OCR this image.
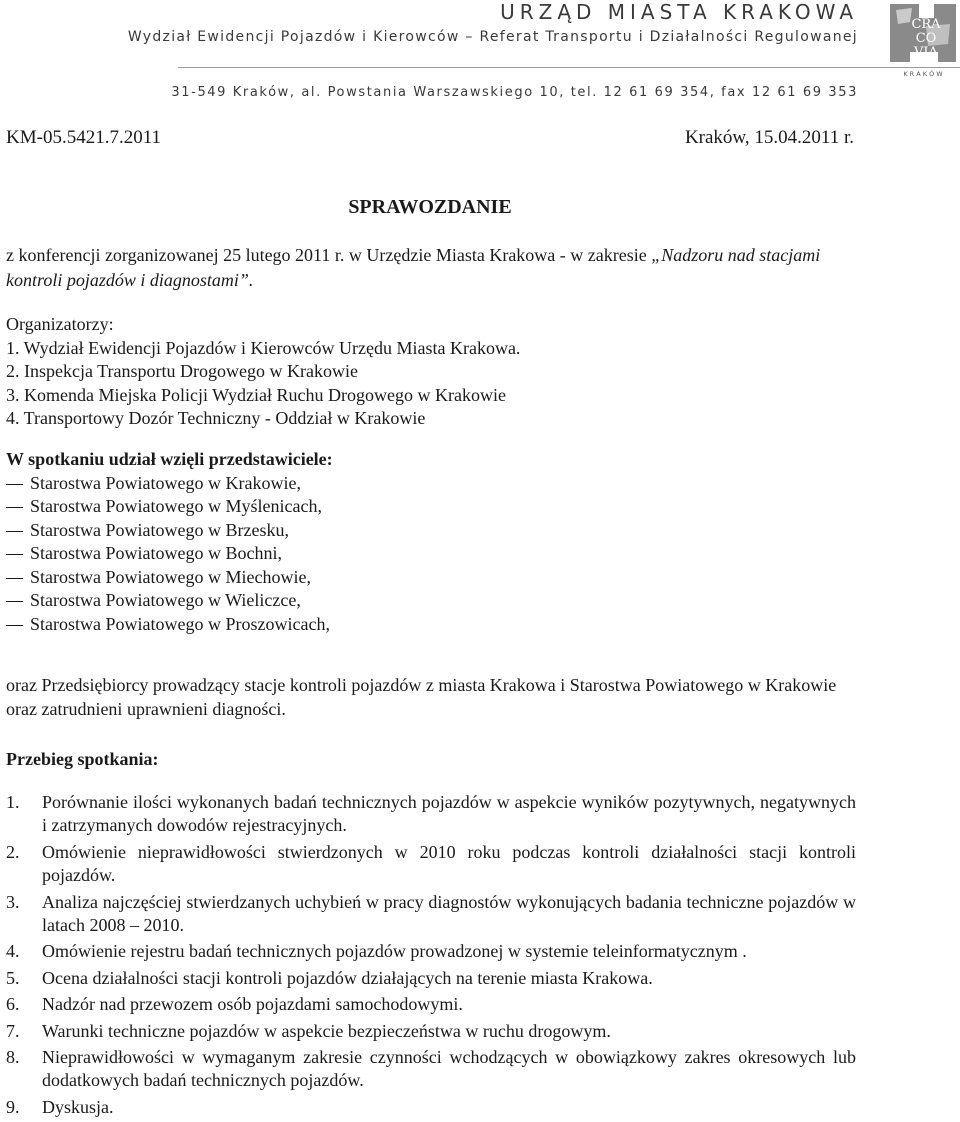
URZĄD MIASTA KRAKOWA
Wydział Ewidencji Pojazdów i Kierowców – Referat Transportu i Działalności Regulowanej
31-549 Kraków, al. Powstania Warszawskiego 10, tel. 12 61 69 354, fax 12 61 69 353
CRA
CO
VIA
K R A K Ó W
KM-05.5421.7.2011	Kraków, 15.04.2011 r.
SPRAWOZDANIE

z konferencji zorganizowanej 25 lutego 2011 r. w Urzędzie Miasta Krakowa - w zakresie „Nadzoru nad stacjami kontroli pojazdów i diagnostami”.

Organizatorzy:
1. Wydział Ewidencji Pojazdów i Kierowców Urzędu Miasta Krakowa.
2. Inspekcja Transportu Drogowego w Krakowie
3. Komenda Miejska Policji Wydział Ruchu Drogowego w Krakowie
4. Transportowy Dozór Techniczny - Oddział w Krakowie
W spotkaniu udział wzięli przedstawiciele:
Starostwa Powiatowego w Krakowie,
Starostwa Powiatowego w Myślenicach,
Starostwa Powiatowego w Brzesku,
Starostwa Powiatowego w Bochni,
Starostwa Powiatowego w Miechowie,
Starostwa Powiatowego w Wieliczce,
Starostwa Powiatowego w Proszowicach,

oraz Przedsiębiorcy prowadzący stacje kontroli pojazdów z miasta Krakowa i Starostwa Powiatowego w Krakowie oraz zatrudnieni uprawnieni diagności.

Przebieg spotkania:
1.	Porównanie ilości wykonanych badań technicznych pojazdów w aspekcie wyników pozytywnych, negatywnych i zatrzymanych dowodów rejestracyjnych.
2.	Omówienie nieprawidłowości stwierdzonych w 2010 roku podczas kontroli działalności stacji kontroli pojazdów.
3.	Analiza najczęściej stwierdzanych uchybień w pracy diagnostów wykonujących badania techniczne pojazdów w latach 2008 – 2010.
4.	Omówienie rejestru badań technicznych pojazdów prowadzonej w systemie teleinformatycznym .
5.	Ocena działalności stacji kontroli pojazdów działających na terenie miasta Krakowa.
6.	Nadzór nad przewozem osób pojazdami samochodowymi.
7.	Warunki techniczne pojazdów w aspekcie bezpieczeństwa w ruchu drogowym.
8.	Nieprawidłowości w wymaganym zakresie czynności wchodzących w obowiązkowy zakres okresowych lub dodatkowych badań technicznych pojazdów.
9.	Dyskusja.
